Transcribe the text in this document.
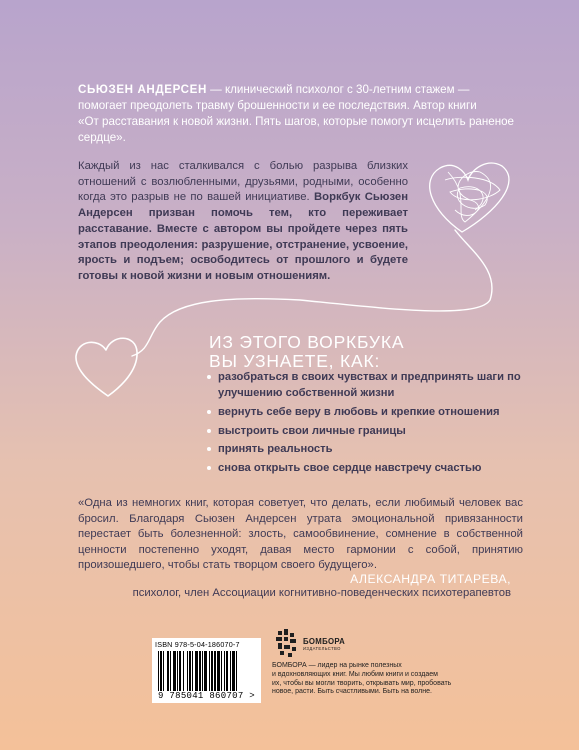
СЬЮЗЕН АНДЕРСЕН — клинический психолог с 30-летним стажем —
помогает преодолеть травму брошенности и ее последствия. Автор книги
«От расставания к новой жизни. Пять шагов, которые помогут исцелить раненое
сердце».
Каждый из нас сталкивался с болью разрыва близких отношений с возлюбленными, друзьями, родными, особенно когда это разрыв не по вашей инициативе. Воркбук Сьюзен Андерсен призван помочь тем, кто переживает расставание. Вместе с автором вы пройдете через пять этапов преодоления: разрушение, отстранение, усвоение, ярость и подъем; освободитесь от прошлого и будете готовы к новой жизни и новым отношениям.
ИЗ ЭТОГО ВОРКБУКА
ВЫ УЗНАЕТЕ, КАК:
разобраться в своих чувствах и предпринять шаги по улучшению собственной жизни
вернуть себе веру в любовь и крепкие отношения
выстроить свои личные границы
принять реальность
снова открыть свое сердце навстречу счастью
«Одна из немногих книг, которая советует, что делать, если любимый человек вас бросил. Благодаря Сьюзен Андерсен утрата эмоциональной привязанности перестает быть болезненной: злость, самообвинение, сомнение в собственной ценности постепенно уходят, давая место гармонии с собой, принятию произошедшего, чтобы стать творцом своего будущего».
АЛЕКСАНДРА ТИТАРЕВА,
психолог, член Ассоциации когнитивно-поведенческих психотерапевтов
ISBN 978-5-04-186070-7
9 785041 860707 >
БОМБОРА
ИЗДАТЕЛЬСТВО
БОМБОРА — лидер на рынке полезных
и вдохновляющих книг. Мы любим книги и создаем
их, чтобы вы могли творить, открывать мир, пробовать
новое, расти. Быть счастливыми. Быть на волне.
